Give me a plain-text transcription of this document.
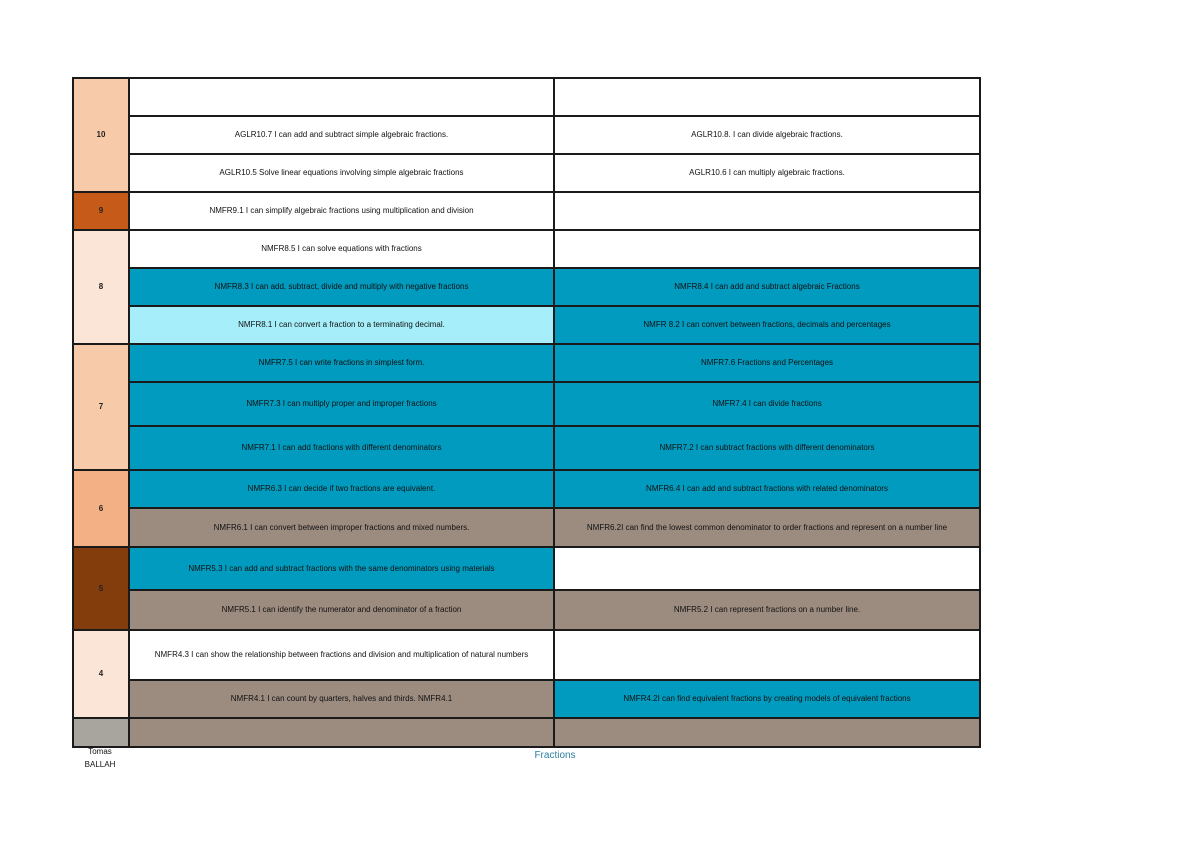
10		
	AGLR10.7 I can add and subtract simple algebraic fractions.	AGLR10.8. I can divide algebraic fractions.
	AGLR10.5 Solve linear equations involving simple algebraic fractions	AGLR10.6 I can multiply algebraic fractions.
9	NMFR9.1 I can simplify algebraic fractions using multiplication and division	
8	NMFR8.5 I can solve equations with fractions	
	NMFR8.3 I can add, subtract, divide and multiply with negative fractions	NMFR8.4 I can add and subtract algebraic Fractions
	NMFR8.1 I can convert a fraction to a terminating decimal.	NMFR 8.2 I can convert between fractions, decimals and percentages
7	NMFR7.5 I can write fractions in simplest form.	NMFR7.6 Fractions and Percentages
	NMFR7.3 I can multiply proper and improper fractions	NMFR7.4 I can divide fractions
	NMFR7.1 I can add fractions with different denominators	NMFR7.2 I can subtract fractions with different denominators
6	NMFR6.3 I can decide if two fractions are equivalent.	NMFR6.4 I can add and subtract fractions with related denominators
	NMFR6.1 I can convert between improper fractions and mixed numbers.	NMFR6.2I can find the lowest common denominator to order fractions and represent on a number line
5	NMFR5.3 I can add and subtract fractions with the same denominators using materials	
	NMFR5.1 I can identify the numerator and denominator of a fraction	NMFR5.2 I can represent fractions on a number line.
4	NMFR4.3 I can show the relationship between fractions and division and multiplication of natural numbers	
	NMFR4.1 I can count by quarters, halves and thirds. NMFR4.1	NMFR4.2I can find equivalent fractions by creating models of equivalent fractions

Tomas
BALLAH
Fractions
